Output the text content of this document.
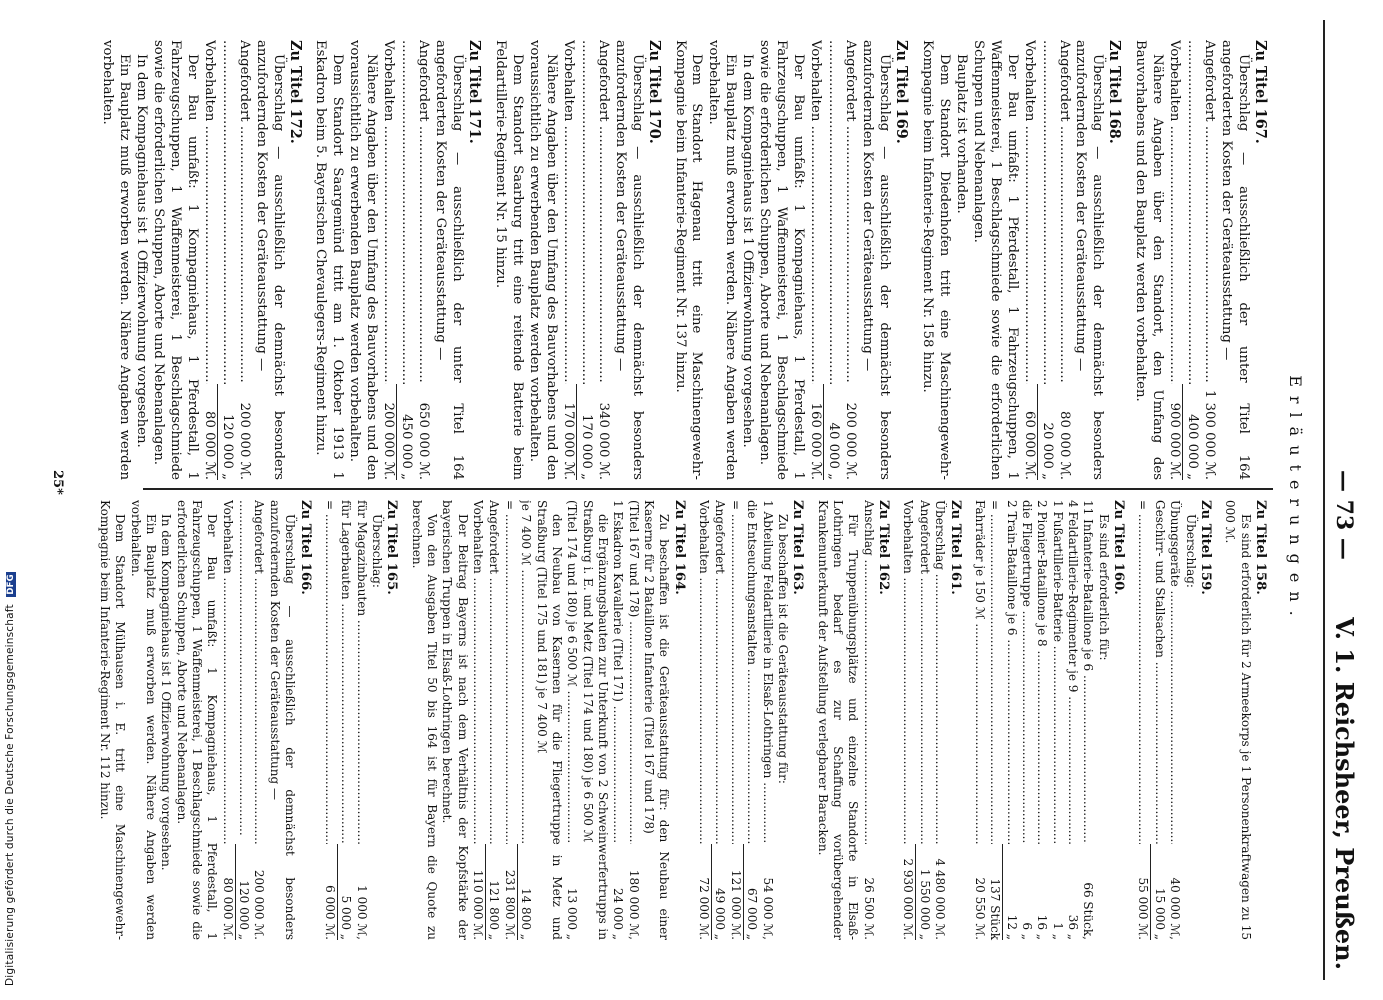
— 73 —
V. 1. Reichsheer, Preußen.
Erläuterungen.
Zu Titel 158.
Es sind erforderlich für 2 Armeekorps je 1 Personenkraftwagen zu 15 000 ℳ.
Zu Titel 159.
Überschlag:
Übungsgeräte .....
40 000 ℳ,
Geschirr- und Stallsachen .....
15 000 „
= .....
55 000 ℳ.
Zu Titel 160.
Es sind erforderlich für:
11 Infanterie-Bataillone je 6 .....
66 Stück,
4 Feldartillerie-Regimenter je 9 .....
36 „
1 Fußartillerie-Batterie .....
1 „
2 Pionier-Bataillone je 8 .....
16 „
die Fliegertruppe .....
6 „
2 Train-Bataillone je 6 .....
12 „
= .....
137 Stück
Fahrräder je 150 ℳ .....
20 550 ℳ.
Zu Titel 161.
Überschlag .....
4 480 000 ℳ.
Angefordert .....
1 550 000 „
Vorbehalten .....
2 930 000 ℳ.
Zu Titel 162.
Anschlag .....
26 500 ℳ.
Für Truppenübungsplätze und einzelne Standorte in Elsaß-Lothringen bedarf es zur Schaffung vorübergehender Krankenunterkunft der Aufstellung verlegbarer Baracken.
Zu Titel 163.
Zu beschaffen ist die Geräteausstattung für:
1 Abteilung Feldartillerie in Elsaß-Lothringen .....
54 000 ℳ,
die Entseuchungsanstalten .....
67 000 „
= .....
121 000 ℳ.
Angefordert .....
49 000 „
Vorbehalten .....
72 000 ℳ.
Zu Titel 164.
Zu beschaffen ist die Geräteausstattung für: den Neubau einer Kaserne für 2 Bataillone Infanterie (Titel 167 und 178)
(Titel 167 und 178) .....
180 000 ℳ,
1 Eskadron Kavallerie (Titel 171) .....
24 000 „
die Ergänzungsbauten zur Unterkunft von 2 Schweinwerfertrupps in Straßburg i. E. und Metz (Titel 174 und 180) je 6 500 ℳ
(Titel 174 und 180) je 6 500 ℳ .....
13 000 „
den Neubau von Kasernen für die Fliegertruppe in Metz und Straßburg (Titel 175 und 181) je 7 400 ℳ
je 7 400 ℳ .....
14 800 „
= .....
231 800 ℳ.
Angefordert .....
121 800 „
Vorbehalten .....
110 000 ℳ.
Der Beitrag Bayerns ist nach dem Verhältnis der Kopfstärke der bayerischen Truppen in Elsaß-Lothringen berechnet.
Von den Ausgaben Titel 50 bis 164 ist für Bayern die Quote zu berechnen.
Zu Titel 165.
Überschlag:
für Magazinbauten .....
1 000 ℳ,
für Lagerbauten .....
5 000 „
= .....
6 000 ℳ.
Zu Titel 166.
Überschlag — ausschließlich der demnächst besonders anzufordernden Kosten der Geräteausstattung —
Angefordert .....
200 000 ℳ.
.....
120 000 „
Vorbehalten .....
80 000 ℳ.
Der Bau umfaßt: 1 Kompagniehaus, 1 Pferdestall, 1 Fahrzeugschuppen, 1 Waffenmeisterei, 1 Beschlagschmiede sowie die erforderlichen Schuppen, Aborte und Nebenanlagen.
In dem Kompagniehaus ist 1 Offizierwohnung vorgesehen.
Ein Bauplatz muß erworben werden. Nähere Angaben werden vorbehalten.
Dem Standort Mülhausen i. E. tritt eine Maschinengewehr-Kompagnie beim Infanterie-Regiment Nr. 112 hinzu.
Zu Titel 167.
Überschlag — ausschließlich der unter Titel 164 angeforderten Kosten der Geräteausstattung —
Angefordert .....
1 300 000 ℳ.
.....
400 000 „
Vorbehalten .....
900 000 ℳ.
Nähere Angaben über den Standort, den Umfang des Bauvorhabens und den Bauplatz werden vorbehalten.
Zu Titel 168.
Überschlag — ausschließlich der demnächst besonders anzufordernden Kosten der Geräteausstattung —
Angefordert .....
80 000 ℳ.
.....
20 000 „
Vorbehalten .....
60 000 ℳ.
Der Bau umfaßt: 1 Pferdestall, 1 Fahrzeugschuppen, 1 Waffenmeisterei, 1 Beschlagschmiede sowie die erforderlichen Schuppen und Nebenanlagen.
Bauplatz ist vorhanden.
Dem Standort Diedenhofen tritt eine Maschinengewehr-Kompagnie beim Infanterie-Regiment Nr. 158 hinzu.
Zu Titel 169.
Überschlag — ausschließlich der demnächst besonders anzufordernden Kosten der Geräteausstattung —
Angefordert .....
200 000 ℳ.
.....
40 000 „
Vorbehalten .....
160 000 ℳ.
Der Bau umfaßt: 1 Kompagniehaus, 1 Pferdestall, 1 Fahrzeugschuppen, 1 Waffenmeisterei, 1 Beschlagschmiede sowie die erforderlichen Schuppen, Aborte und Nebenanlagen.
In dem Kompagniehaus ist 1 Offizierwohnung vorgesehen.
Ein Bauplatz muß erworben werden. Nähere Angaben werden vorbehalten.
Dem Standort Hagenau tritt eine Maschinengewehr-Kompagnie beim Infanterie-Regiment Nr. 137 hinzu.
Zu Titel 170.
Überschlag — ausschließlich der demnächst besonders anzufordernden Kosten der Geräteausstattung —
Angefordert .....
340 000 ℳ.
.....
170 000 „
Vorbehalten .....
170 000 ℳ.
Nähere Angaben über den Umfang des Bauvorhabens und den voraussichtlich zu erwerbenden Bauplatz werden vorbehalten.
Dem Standort Saarburg tritt eine reitende Batterie beim Feldartillerie-Regiment Nr. 15 hinzu.
Zu Titel 171.
Überschlag — ausschließlich der unter Titel 164 angeforderten Kosten der Geräteausstattung —
Angefordert .....
650 000 ℳ.
.....
450 000 „
Vorbehalten .....
200 000 ℳ.
Nähere Angaben über den Umfang des Bauvorhabens und den voraussichtlich zu erwerbenden Bauplatz werden vorbehalten.
Dem Standort Saargemünd tritt am 1. Oktober 1913 1 Eskadron beim 5. Bayerischen Chevaulegers-Regiment hinzu.
Zu Titel 172.
Überschlag — ausschließlich der demnächst besonders anzufordernden Kosten der Geräteausstattung —
Angefordert .....
200 000 ℳ.
.....
120 000 „
Vorbehalten .....
80 000 ℳ.
Der Bau umfaßt: 1 Kompagniehaus, 1 Pferdestall, 1 Fahrzeugschuppen, 1 Waffenmeisterei, 1 Beschlagschmiede sowie die erforderlichen Schuppen, Aborte und Nebenanlagen.
In dem Kompagniehaus ist 1 Offizierwohnung vorgesehen.
Ein Bauplatz muß erworben werden. Nähere Angaben werden vorbehalten.
25*
Digitalisierung gefördert durch die Deutsche Forschungsgemeinschaft DFG
